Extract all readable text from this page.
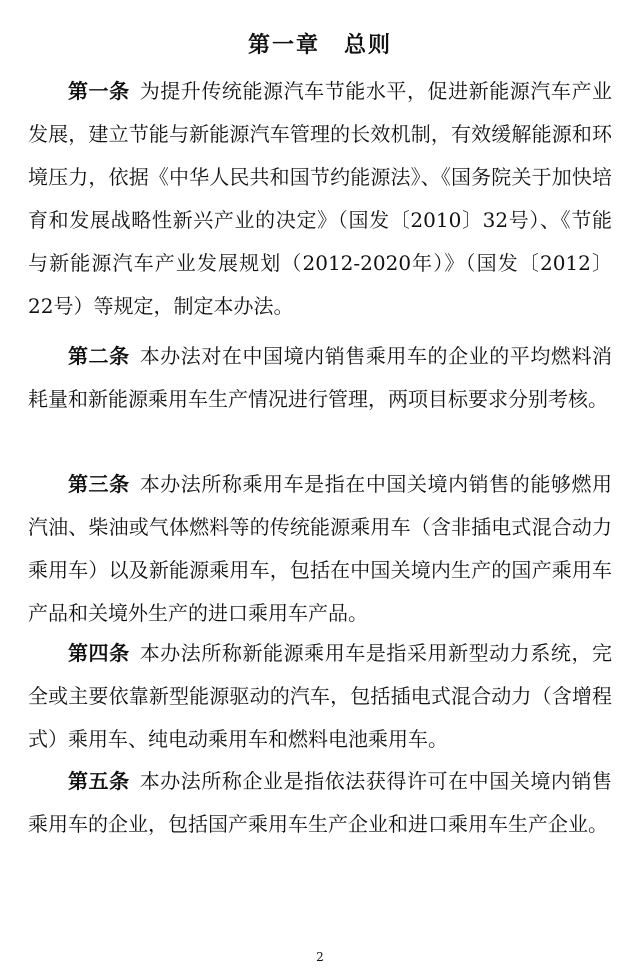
第一章　总则

第一条 为提升传统能源汽车节能水平，促进新能源汽车产业发展，建立节能与新能源汽车管理的长效机制，有效缓解能源和环境压力，依据《中华人民共和国节约能源法》、《国务院关于加快培育和发展战略性新兴产业的决定》（国发〔2010〕32号）、《节能与新能源汽车产业发展规划（2012-2020年）》（国发〔2012〕22号）等规定，制定本办法。

第二条 本办法对在中国境内销售乘用车的企业的平均燃料消耗量和新能源乘用车生产情况进行管理，两项目标要求分别考核。

第三条 本办法所称乘用车是指在中国关境内销售的能够燃用汽油、柴油或气体燃料等的传统能源乘用车（含非插电式混合动力乘用车）以及新能源乘用车，包括在中国关境内生产的国产乘用车产品和关境外生产的进口乘用车产品。

第四条 本办法所称新能源乘用车是指采用新型动力系统，完全或主要依靠新型能源驱动的汽车，包括插电式混合动力（含增程式）乘用车、纯电动乘用车和燃料电池乘用车。

第五条 本办法所称企业是指依法获得许可在中国关境内销售乘用车的企业，包括国产乘用车生产企业和进口乘用车生产企业。

2
